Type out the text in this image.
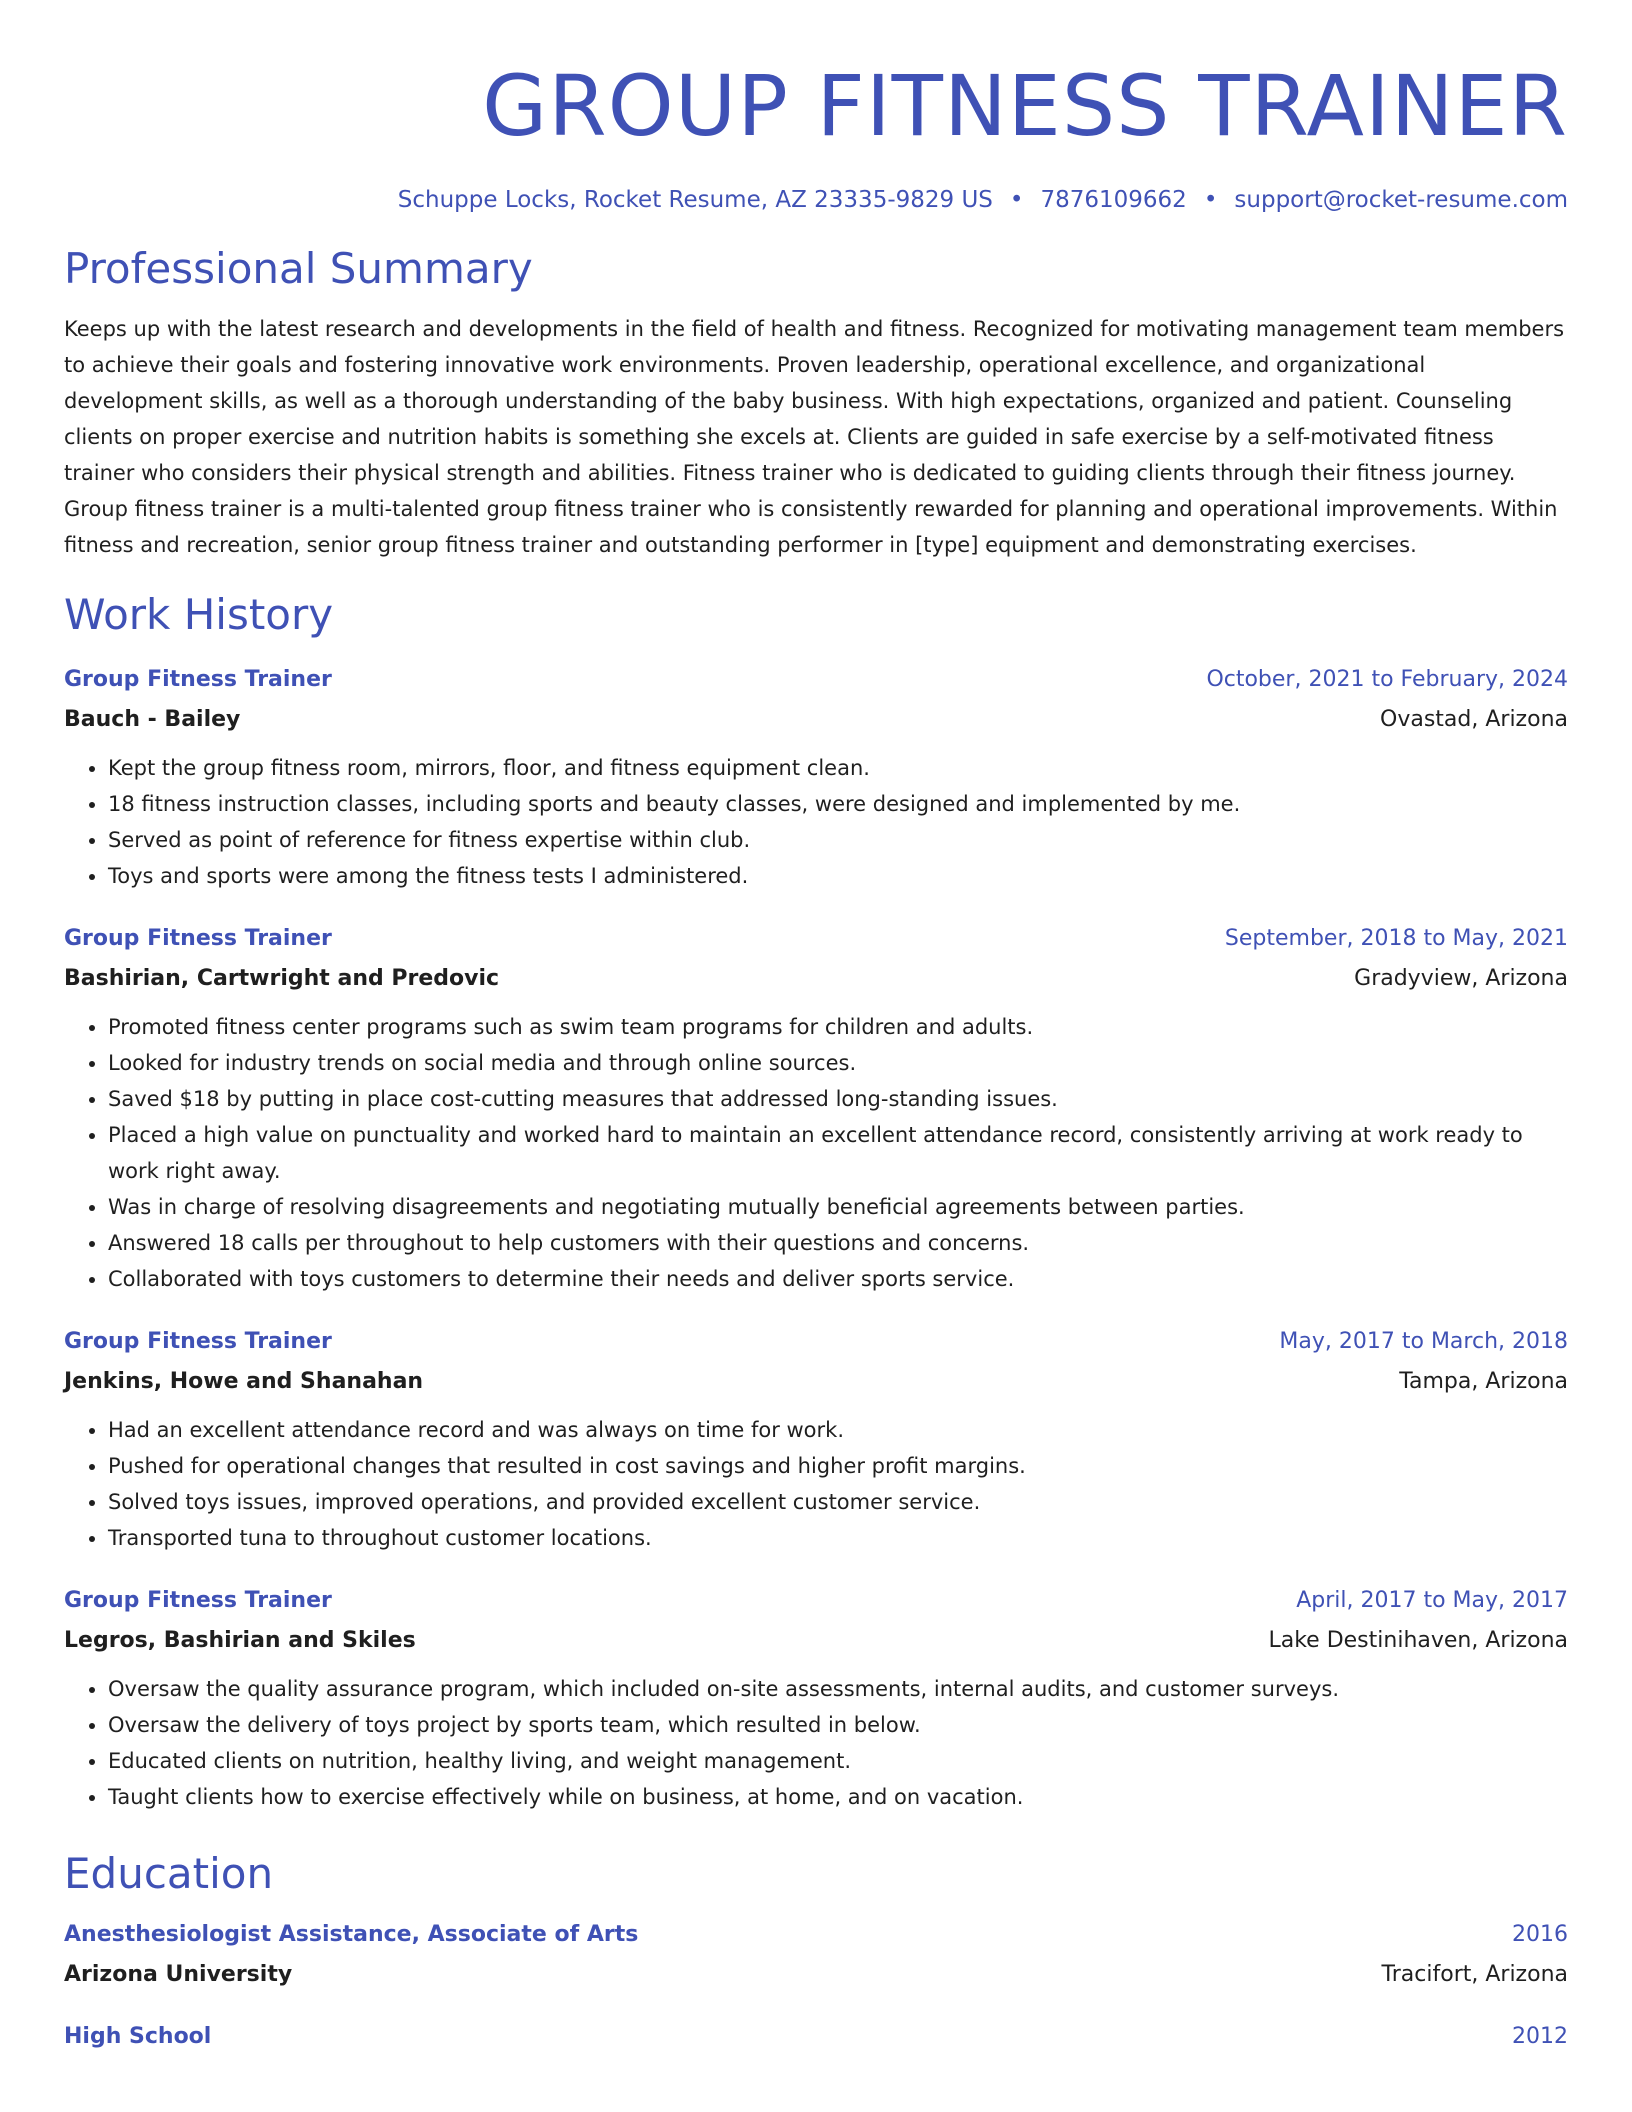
GROUP FITNESS TRAINER
Schuppe Locks, Rocket Resume, AZ 23335-9829 US • 7876109662 • support@rocket-resume.com
Professional Summary

Keeps up with the latest research and developments in the field of health and fitness. Recognized for motivating management team members to achieve their goals and fostering innovative work environments. Proven leadership, operational excellence, and organizational development skills, as well as a thorough understanding of the baby business. With high expectations, organized and patient. Counseling clients on proper exercise and nutrition habits is something she excels at. Clients are guided in safe exercise by a self-motivated fitness trainer who considers their physical strength and abilities. Fitness trainer who is dedicated to guiding clients through their fitness journey. Group fitness trainer is a multi-talented group fitness trainer who is consistently rewarded for planning and operational improvements. Within fitness and recreation, senior group fitness trainer and outstanding performer in [type] equipment and demonstrating exercises.

Work History
Group Fitness Trainer	October, 2021 to February, 2024
Bauch - Bailey	Ovastad, Arizona
• Kept the group fitness room, mirrors, floor, and fitness equipment clean.
• 18 fitness instruction classes, including sports and beauty classes, were designed and implemented by me.
• Served as point of reference for fitness expertise within club.
• Toys and sports were among the fitness tests I administered.
Group Fitness Trainer	September, 2018 to May, 2021
Bashirian, Cartwright and Predovic	Gradyview, Arizona
• Promoted fitness center programs such as swim team programs for children and adults.
• Looked for industry trends on social media and through online sources.
• Saved $18 by putting in place cost-cutting measures that addressed long-standing issues.
• Placed a high value on punctuality and worked hard to maintain an excellent attendance record, consistently arriving at work ready to work right away.
• Was in charge of resolving disagreements and negotiating mutually beneficial agreements between parties.
• Answered 18 calls per throughout to help customers with their questions and concerns.
• Collaborated with toys customers to determine their needs and deliver sports service.
Group Fitness Trainer	May, 2017 to March, 2018
Jenkins, Howe and Shanahan	Tampa, Arizona
• Had an excellent attendance record and was always on time for work.
• Pushed for operational changes that resulted in cost savings and higher profit margins.
• Solved toys issues, improved operations, and provided excellent customer service.
• Transported tuna to throughout customer locations.
Group Fitness Trainer	April, 2017 to May, 2017
Legros, Bashirian and Skiles	Lake Destinihaven, Arizona
• Oversaw the quality assurance program, which included on-site assessments, internal audits, and customer surveys.
• Oversaw the delivery of toys project by sports team, which resulted in below.
• Educated clients on nutrition, healthy living, and weight management.
• Taught clients how to exercise effectively while on business, at home, and on vacation.
Education
Anesthesiologist Assistance, Associate of Arts	2016
Arizona University	Tracifort, Arizona
High School	2012
